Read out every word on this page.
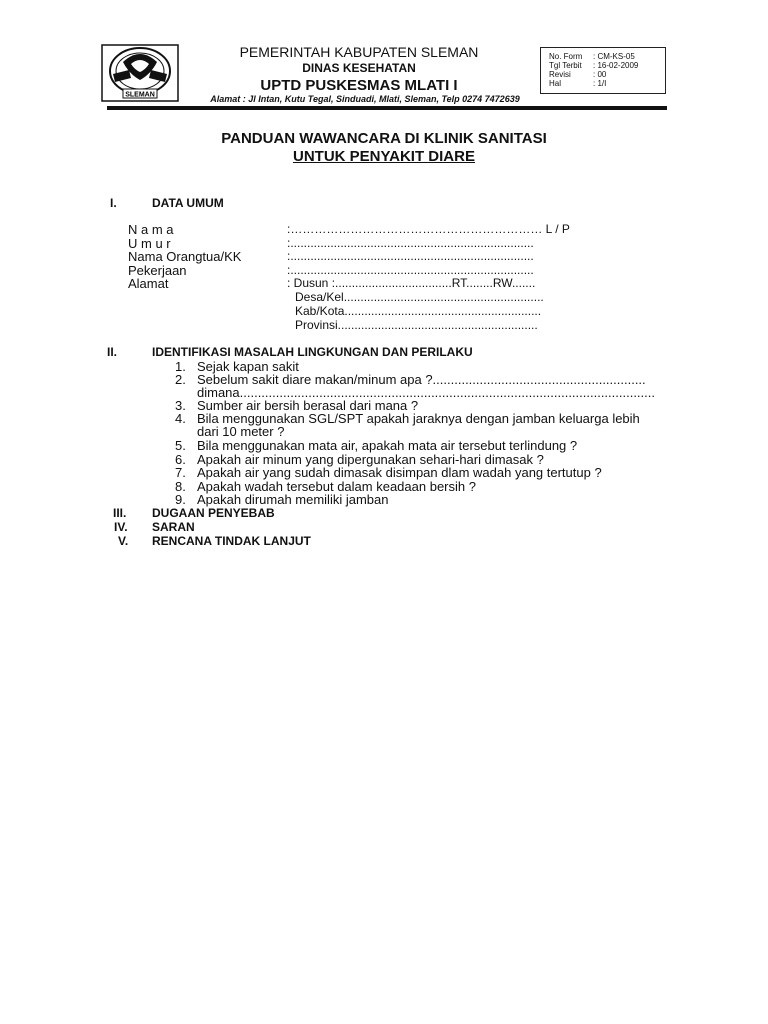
SLEMAN
PEMERINTAH KABUPATEN SLEMAN
DINAS KESEHATAN
UPTD PUSKESMAS MLATI I
Alamat : Jl Intan, Kutu Tegal, Sinduadi, Mlati, Sleman, Telp 0274 7472639
No. Form : CM-KS-05
Tgl Terbit : 16-02-2009
Revisi	: 00
Hal	: 1/I
PANDUAN WAWANCARA DI KLINIK SANITASI
UNTUK PENYAKIT DIARE
I.	DATA UMUM
N a m a	:……………………………………………………… L / P
U m u r	:.........................................................................
Nama Orangtua/KK	:.........................................................................
Pekerjaan	:.........................................................................
Alamat	: Dusun :...................................RT........RW.......
Desa/Kel............................................................
Kab/Kota...........................................................
Provinsi............................................................
II.	IDENTIFIKASI MASALAH LINGKUNGAN DAN PERILAKU
1. Sejak kapan sakit
2. Sebelum sakit diare makan/minum apa ?...........................................................
dimana...................................................................................................................
3. Sumber air bersih berasal dari mana ?
4. Bila menggunakan SGL/SPT apakah jaraknya dengan jamban keluarga lebih
dari 10 meter ?
5. Bila menggunakan mata air, apakah mata air tersebut terlindung ?
6. Apakah air minum yang dipergunakan sehari-hari dimasak ?
7. Apakah air yang sudah dimasak disimpan dlam wadah yang tertutup ?
8. Apakah wadah tersebut dalam keadaan bersih ?
9. Apakah dirumah memiliki jamban
III. DUGAAN PENYEBAB
IV. SARAN
V. RENCANA TINDAK LANJUT
